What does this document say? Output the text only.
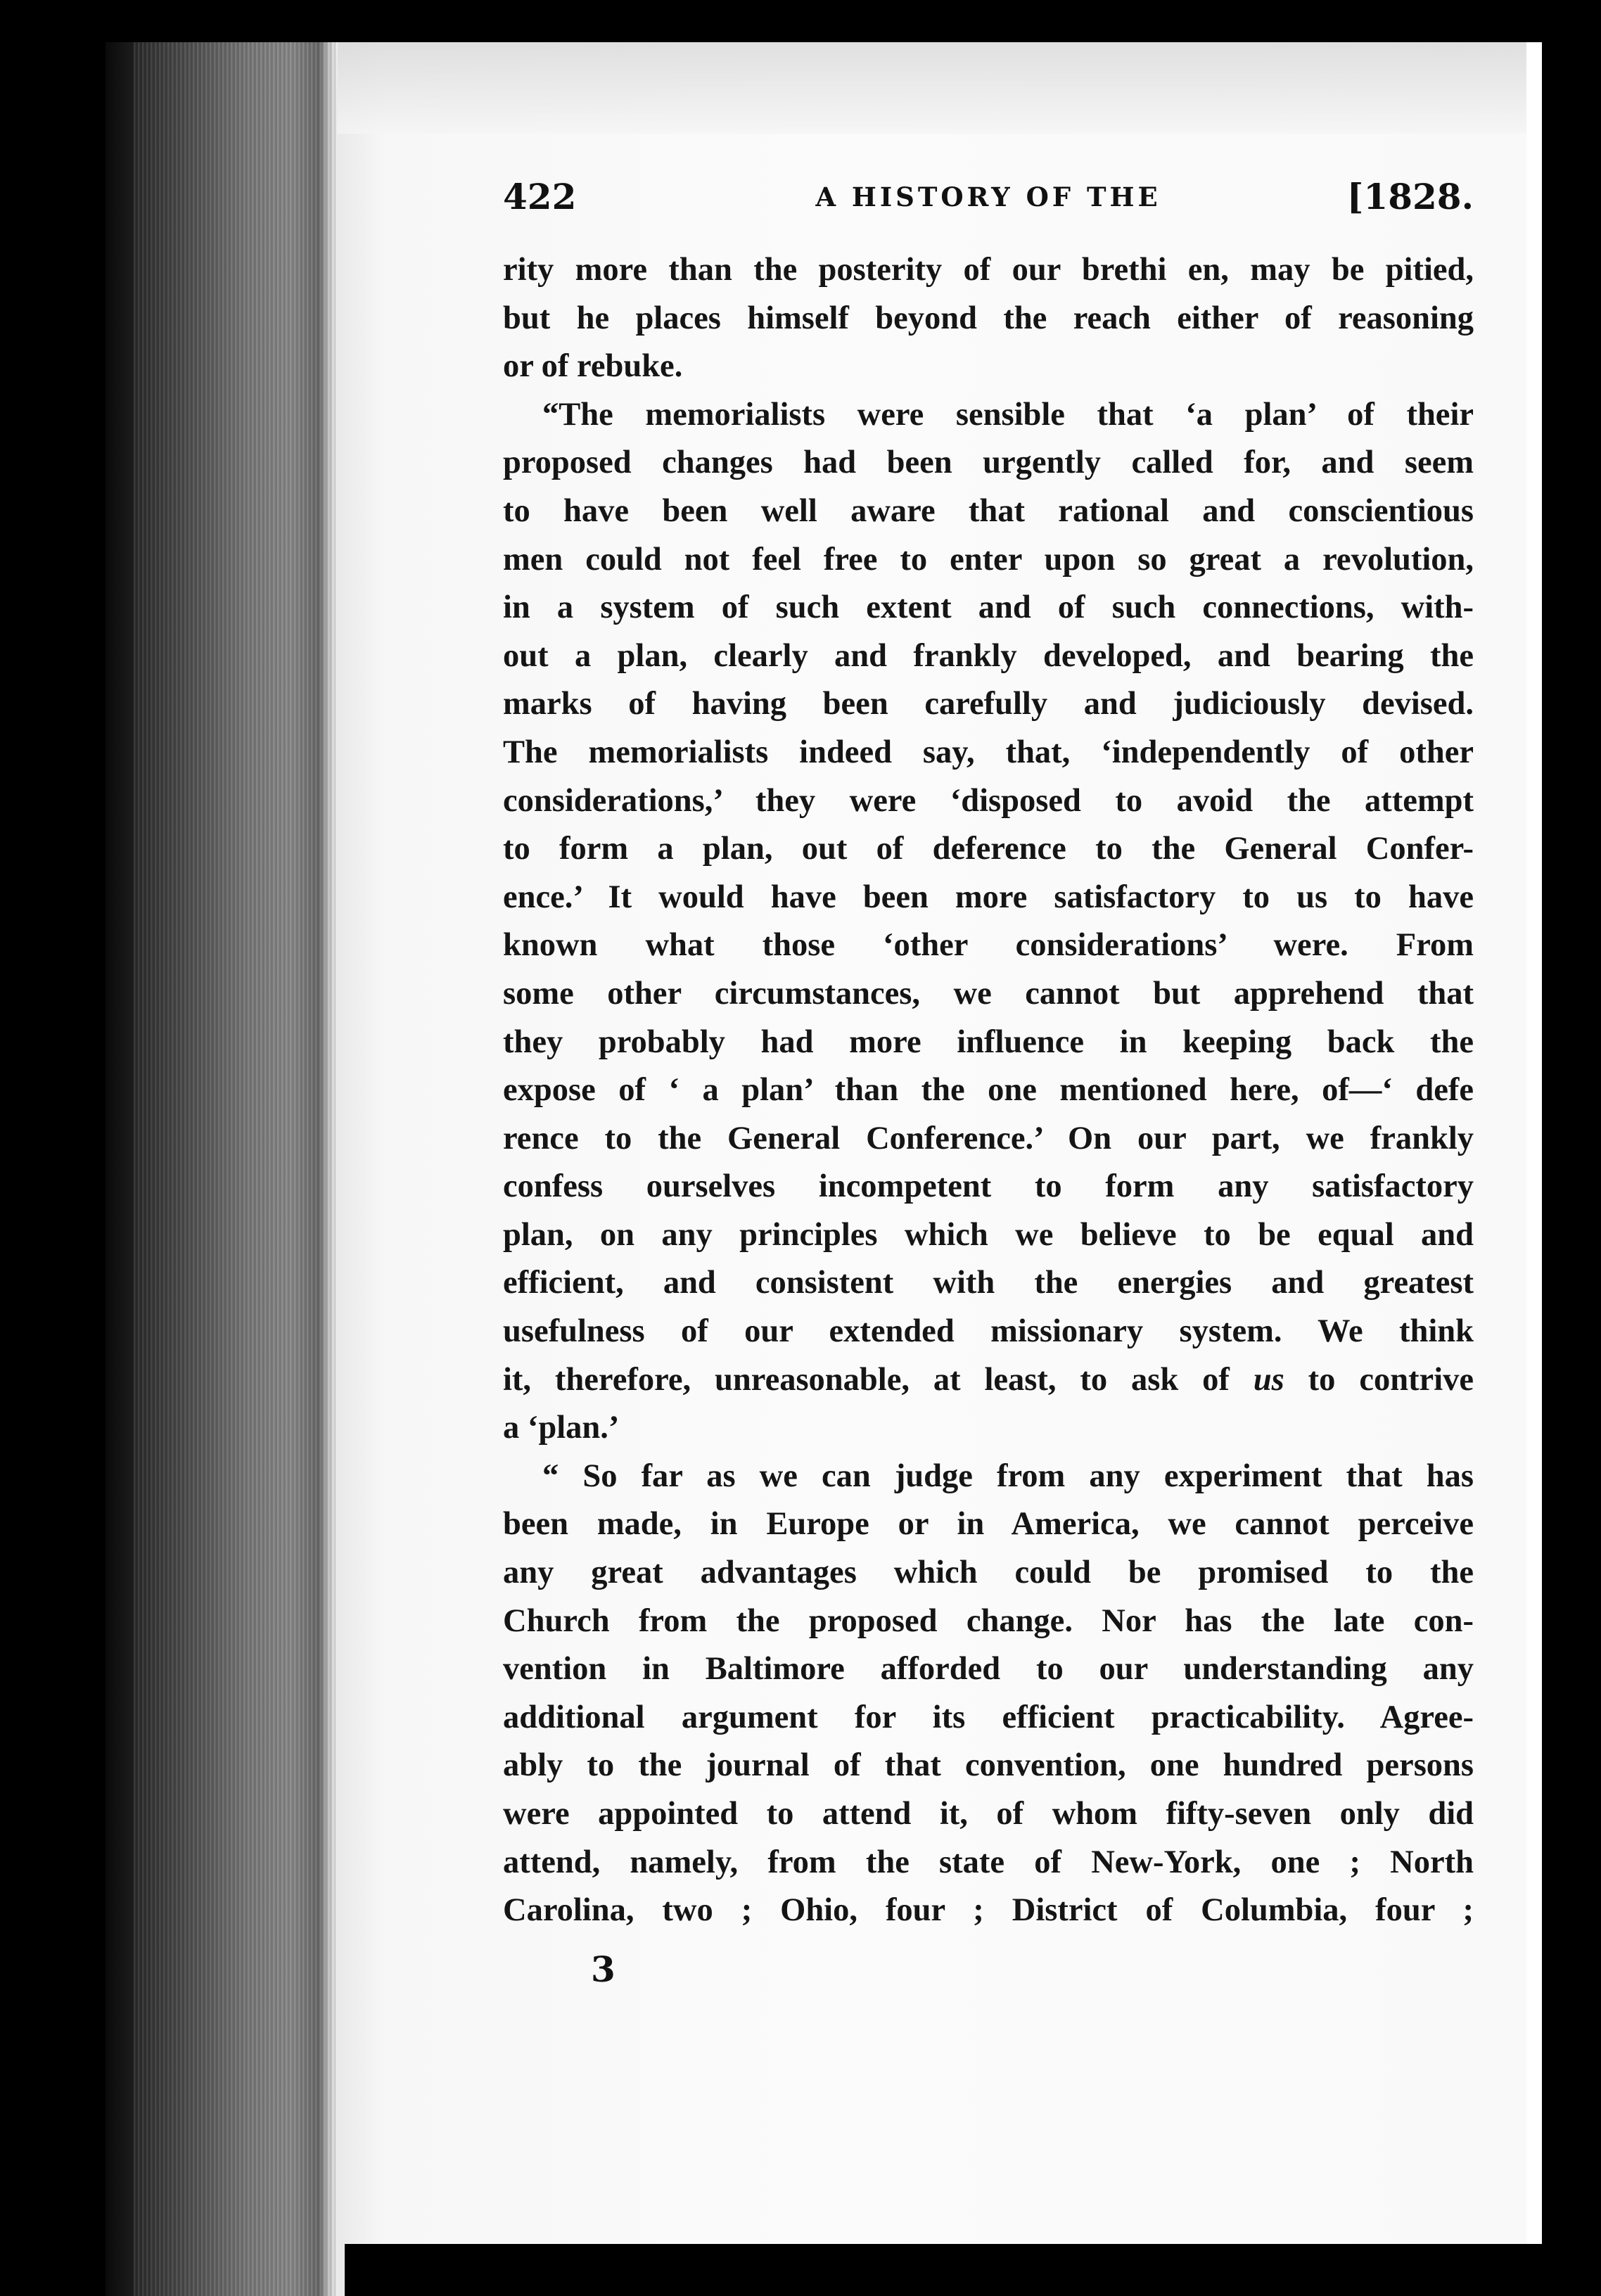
422	A HISTORY OF THE	[1828.
rity more than the posterity of our brethi en, may be pitied,
but he places himself beyond the reach either of reasoning
or of rebuke.
“The memorialists were sensible that ‘a plan’ of their
proposed changes had been urgently called for, and seem
to have been well aware that rational and conscientious
men could not feel free to enter upon so great a revolution,
in a system of such extent and of such connections, with-
out a plan, clearly and frankly developed, and bearing the
marks of having been carefully and judiciously devised.
The memorialists indeed say, that, ‘independently of other
considerations,’ they were ‘disposed to avoid the attempt
to form a plan, out of deference to the General Confer-
ence.’ It would have been more satisfactory to us to have
known what those ‘other considerations’ were. From
some other circumstances, we cannot but apprehend that
they probably had more influence in keeping back the
expose of ‘ a plan’ than the one mentioned here, of—‘ defe
rence to the General Conference.’ On our part, we frankly
confess ourselves incompetent to form any satisfactory
plan, on any principles which we believe to be equal and
efficient, and consistent with the energies and greatest
usefulness of our extended missionary system. We think
it, therefore, unreasonable, at least, to ask of us to contrive
a ‘plan.’
“ So far as we can judge from any experiment that has
been made, in Europe or in America, we cannot perceive
any great advantages which could be promised to the
Church from the proposed change. Nor has the late con-
vention in Baltimore afforded to our understanding any
additional argument for its efficient practicability. Agree-
ably to the journal of that convention, one hundred persons
were appointed to attend it, of whom fifty-seven only did
attend, namely, from the state of New-York, one ; North
Carolina, two ; Ohio, four ; District of Columbia, four ;
3
